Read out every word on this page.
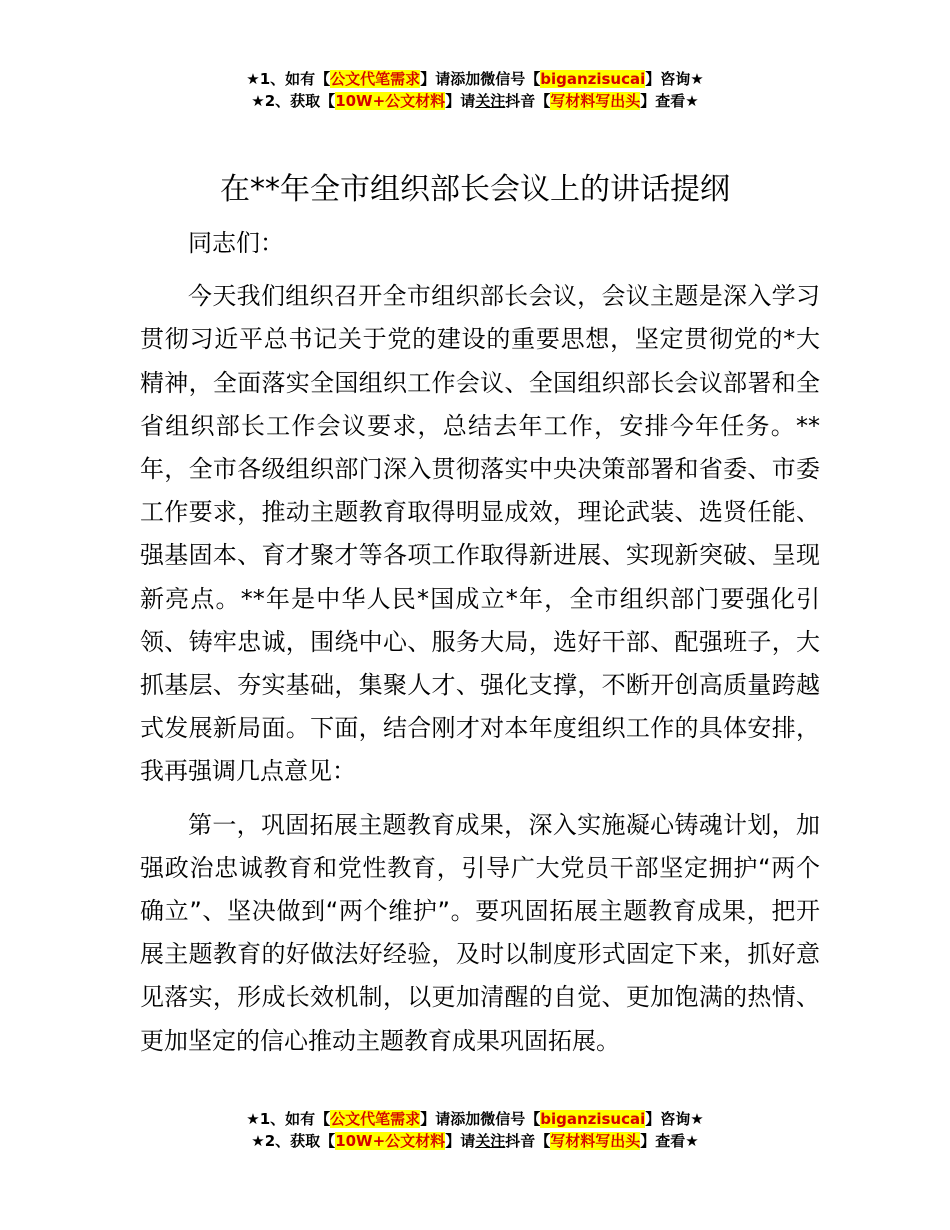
★1、如有【公文代笔需求】请添加微信号【biganzisucai】咨询★
★2、获取【10W+公文材料】请关注抖音【写材料写出头】查看★
在**年全市组织部长会议上的讲话提纲

同志们：

今天我们组织召开全市组织部长会议，会议主题是深入学习贯彻习近平总书记关于党的建设的重要思想，坚定贯彻党的*大精神，全面落实全国组织工作会议、全国组织部长会议部署和全省组织部长工作会议要求，总结去年工作，安排今年任务。**年，全市各级组织部门深入贯彻落实中央决策部署和省委、市委工作要求，推动主题教育取得明显成效，理论武装、选贤任能、强基固本、育才聚才等各项工作取得新进展、实现新突破、呈现新亮点。**年是中华人民*国成立*年，全市组织部门要强化引领、铸牢忠诚，围绕中心、服务大局，选好干部、配强班子，大抓基层、夯实基础，集聚人才、强化支撑，不断开创高质量跨越式发展新局面。下面，结合刚才对本年度组织工作的具体安排，我再强调几点意见：

第一，巩固拓展主题教育成果，深入实施凝心铸魂计划，加强政治忠诚教育和党性教育，引导广大党员干部坚定拥护“两个确立”、坚决做到“两个维护”。要巩固拓展主题教育成果，把开展主题教育的好做法好经验，及时以制度形式固定下来，抓好意见落实，形成长效机制，以更加清醒的自觉、更加饱满的热情、更加坚定的信心推动主题教育成果巩固拓展。

★1、如有【公文代笔需求】请添加微信号【biganzisucai】咨询★
★2、获取【10W+公文材料】请关注抖音【写材料写出头】查看★
